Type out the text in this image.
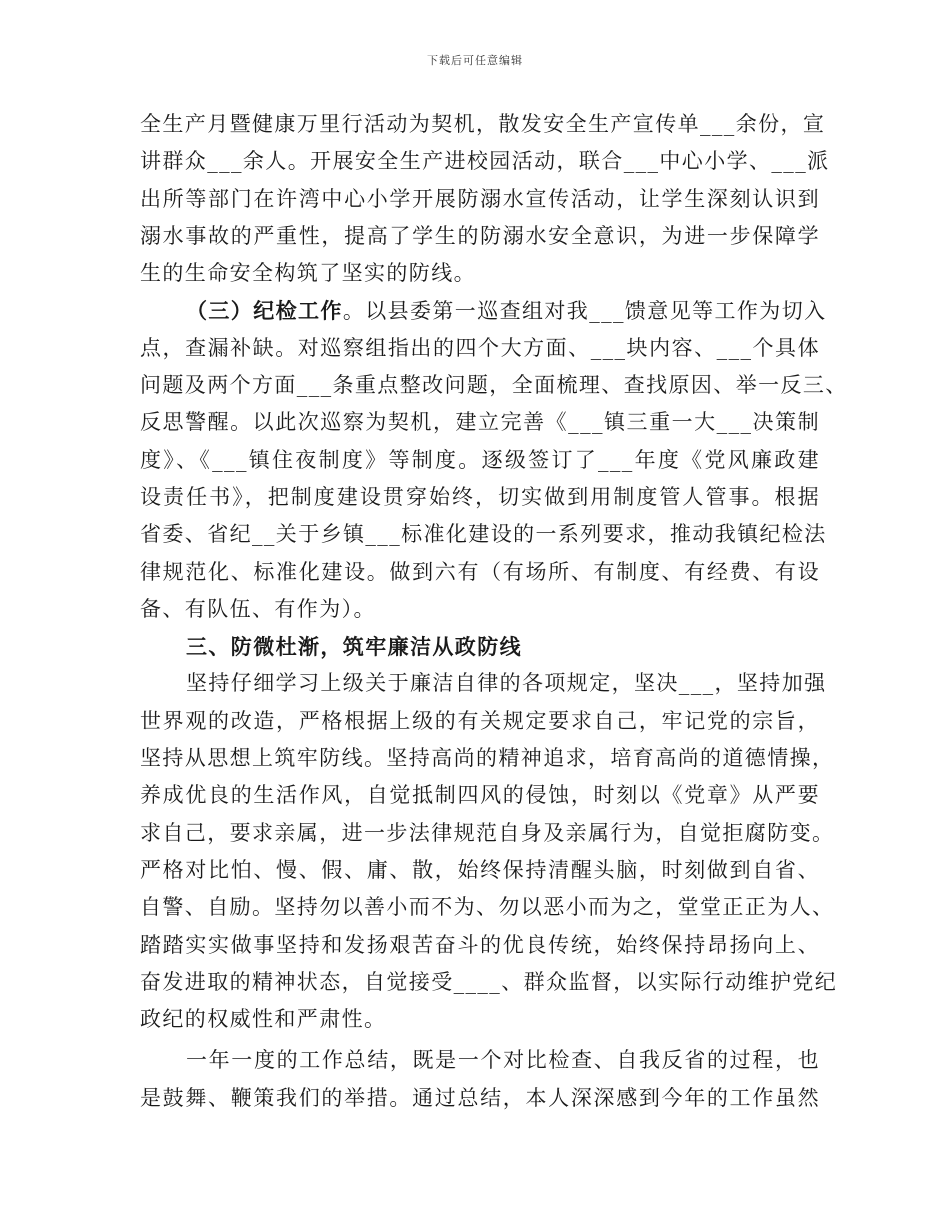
下载后可任意编辑
全生产月暨健康万里行活动为契机，散发安全生产宣传单___余份，宣
讲群众___余人。开展安全生产进校园活动，联合___中心小学、___派
出所等部门在许湾中心小学开展防溺水宣传活动，让学生深刻认识到
溺水事故的严重性，提高了学生的防溺水安全意识，为进一步保障学
生的生命安全构筑了坚实的防线。
（三）纪检工作。以县委第一巡查组对我___馈意见等工作为切入
点，查漏补缺。对巡察组指出的四个大方面、___块内容、___个具体
问题及两个方面___条重点整改问题，全面梳理、查找原因、举一反三、
反思警醒。以此次巡察为契机，建立完善《___镇三重一大___决策制
度》、《___镇住夜制度》等制度。逐级签订了___年度《党风廉政建
设责任书》，把制度建设贯穿始终，切实做到用制度管人管事。根据
省委、省纪__关于乡镇___标准化建设的一系列要求，推动我镇纪检法
律规范化、标准化建设。做到六有（有场所、有制度、有经费、有设
备、有队伍、有作为）。
三、防微杜渐，筑牢廉洁从政防线
坚持仔细学习上级关于廉洁自律的各项规定，坚决___，坚持加强
世界观的改造，严格根据上级的有关规定要求自己，牢记党的宗旨，
坚持从思想上筑牢防线。坚持高尚的精神追求，培育高尚的道德情操，
养成优良的生活作风，自觉抵制四风的侵蚀，时刻以《党章》从严要
求自己，要求亲属，进一步法律规范自身及亲属行为，自觉拒腐防变。
严格对比怕、慢、假、庸、散，始终保持清醒头脑，时刻做到自省、
自警、自励。坚持勿以善小而不为、勿以恶小而为之，堂堂正正为人、
踏踏实实做事坚持和发扬艰苦奋斗的优良传统，始终保持昂扬向上、
奋发进取的精神状态，自觉接受____、群众监督，以实际行动维护党纪
政纪的权威性和严肃性。
一年一度的工作总结，既是一个对比检查、自我反省的过程，也
是鼓舞、鞭策我们的举措。通过总结，本人深深感到今年的工作虽然
